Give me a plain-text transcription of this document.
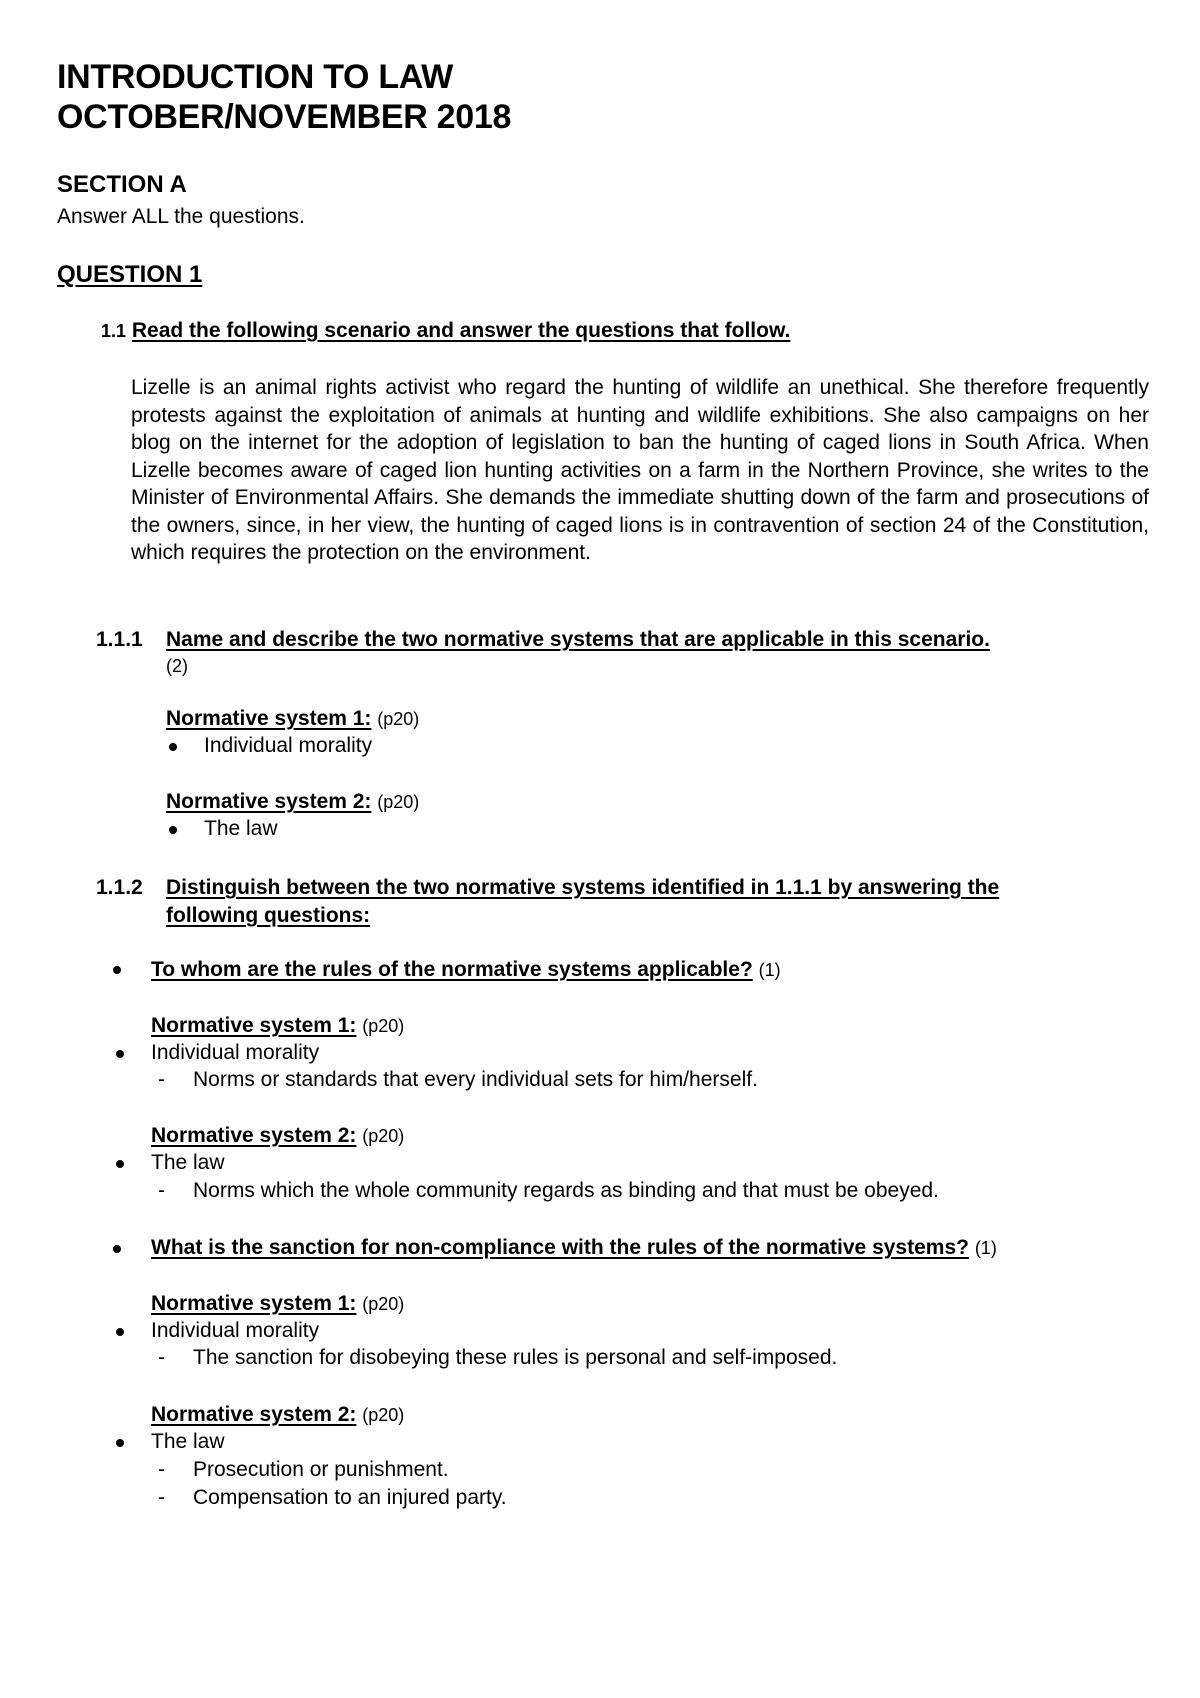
INTRODUCTION TO LAW
OCTOBER/NOVEMBER 2018
SECTION A
Answer ALL the questions.
QUESTION 1
1.1 Read the following scenario and answer the questions that follow.
Lizelle is an animal rights activist who regard the hunting of wildlife an unethical. She therefore frequently protests against the exploitation of animals at hunting and wildlife exhibitions. She also campaigns on her blog on the internet for the adoption of legislation to ban the hunting of caged lions in South Africa. When Lizelle becomes aware of caged lion hunting activities on a farm in the Northern Province, she writes to the Minister of Environmental Affairs. She demands the immediate shutting down of the farm and prosecutions of the owners, since, in her view, the hunting of caged lions is in contravention of section 24 of the Constitution, which requires the protection on the environment.
1.1.1 Name and describe the two normative systems that are applicable in this scenario.
(2)
Normative system 1: (p20)
Individual morality
Normative system 2: (p20)
The law
1.1.2 Distinguish between the two normative systems identified in 1.1.1 by answering the
following questions:
To whom are the rules of the normative systems applicable? (1)
Normative system 1: (p20)
Individual morality
- Norms or standards that every individual sets for him/herself.
Normative system 2: (p20)
The law
- Norms which the whole community regards as binding and that must be obeyed.
What is the sanction for non-compliance with the rules of the normative systems? (1)
Normative system 1: (p20)
Individual morality
- The sanction for disobeying these rules is personal and self-imposed.
Normative system 2: (p20)
The law
- Prosecution or punishment.
- Compensation to an injured party.
